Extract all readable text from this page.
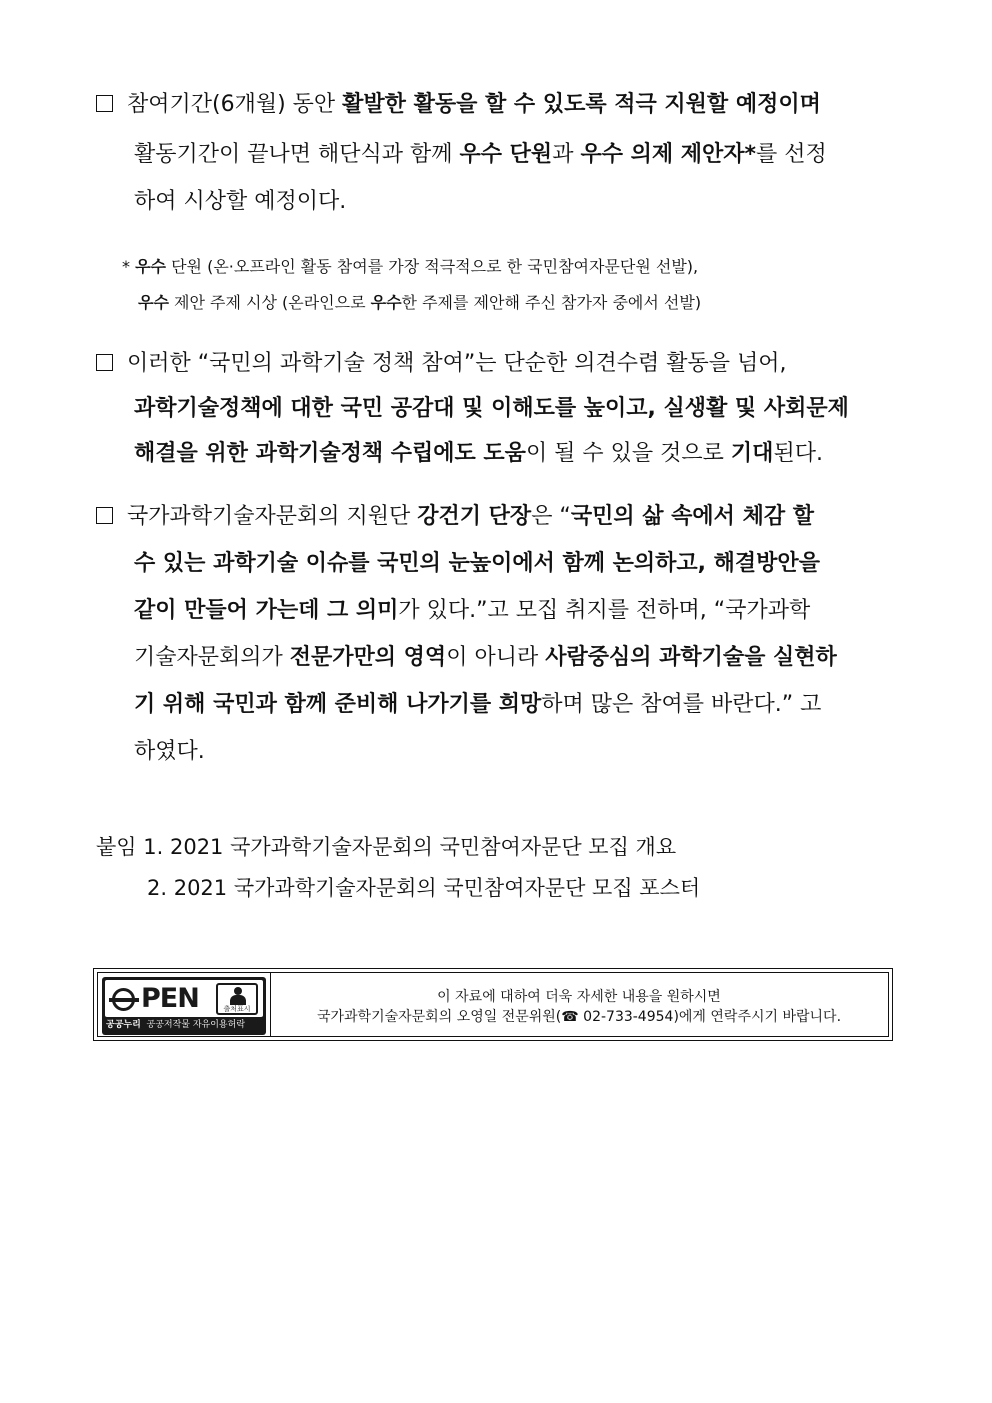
참여기간(6개월) 동안 활발한 활동을 할 수 있도록 적극 지원할 예정이며
활동기간이 끝나면 해단식과 함께 우수 단원과 우수 의제 제안자*를 선정
하여 시상할 예정이다.
* 우수 단원 (온·오프라인 활동 참여를 가장 적극적으로 한 국민참여자문단원 선발),
우수 제안 주제 시상 (온라인으로 우수한 주제를 제안해 주신 참가자 중에서 선발)
이러한 “국민의 과학기술 정책 참여”는 단순한 의견수렴 활동을 넘어,
과학기술정책에 대한 국민 공감대 및 이해도를 높이고, 실생활 및 사회문제
해결을 위한 과학기술정책 수립에도 도움이 될 수 있을 것으로 기대된다.
국가과학기술자문회의 지원단 강건기 단장은 “국민의 삶 속에서 체감 할
수 있는 과학기술 이슈를 국민의 눈높이에서 함께 논의하고, 해결방안을
같이 만들어 가는데 그 의미가 있다.”고 모집 취지를 전하며, “국가과학
기술자문회의가 전문가만의 영역이 아니라 사람중심의 과학기술을 실현하
기 위해 국민과 함께 준비해 나가기를 희망하며 많은 참여를 바란다.” 고
하였다.
붙임 1. 2021 국가과학기술자문회의 국민참여자문단 모집 개요
2. 2021 국가과학기술자문회의 국민참여자문단 모집 포스터
PEN	출처표시
공공누리 공공저작물 자유이용허락
이 자료에 대하여 더욱 자세한 내용을 원하시면
국가과학기술자문회의 오영일 전문위원(☎ 02-733-4954)에게 연락주시기 바랍니다.
